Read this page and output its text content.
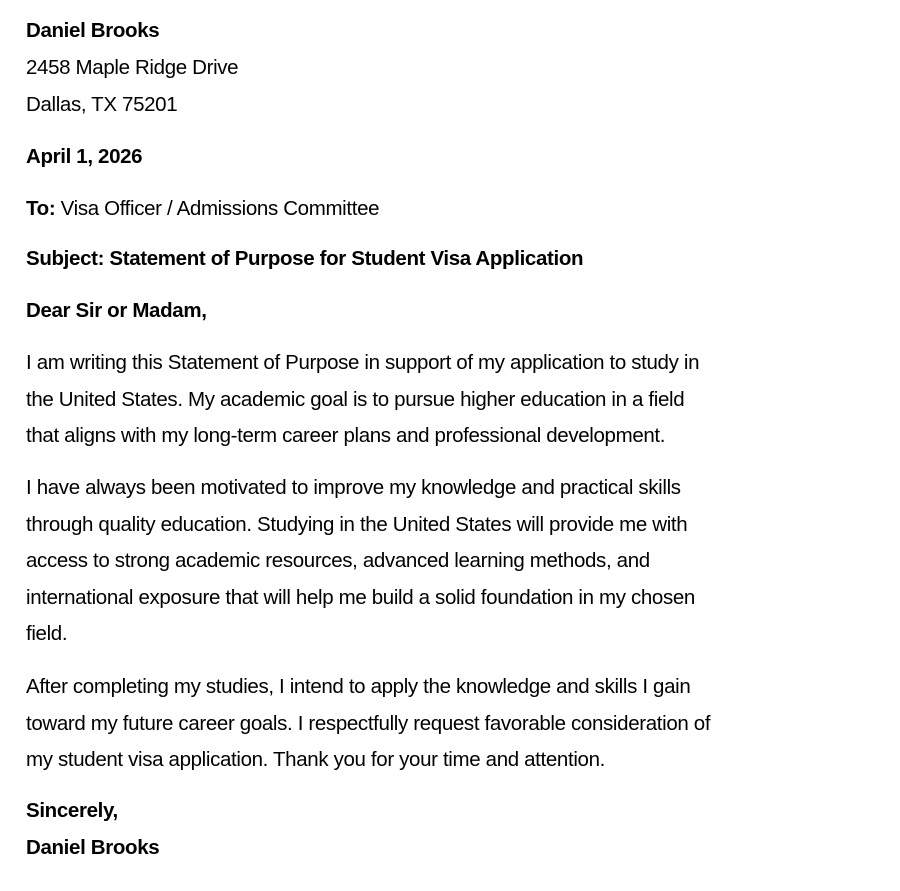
Daniel Brooks
2458 Maple Ridge Drive
Dallas, TX 75201
April 1, 2026
To: Visa Officer / Admissions Committee
Subject: Statement of Purpose for Student Visa Application
Dear Sir or Madam,
I am writing this Statement of Purpose in support of my application to study in
the United States. My academic goal is to pursue higher education in a field
that aligns with my long-term career plans and professional development.
I have always been motivated to improve my knowledge and practical skills
through quality education. Studying in the United States will provide me with
access to strong academic resources, advanced learning methods, and
international exposure that will help me build a solid foundation in my chosen
field.
After completing my studies, I intend to apply the knowledge and skills I gain
toward my future career goals. I respectfully request favorable consideration of
my student visa application. Thank you for your time and attention.
Sincerely,
Daniel Brooks
